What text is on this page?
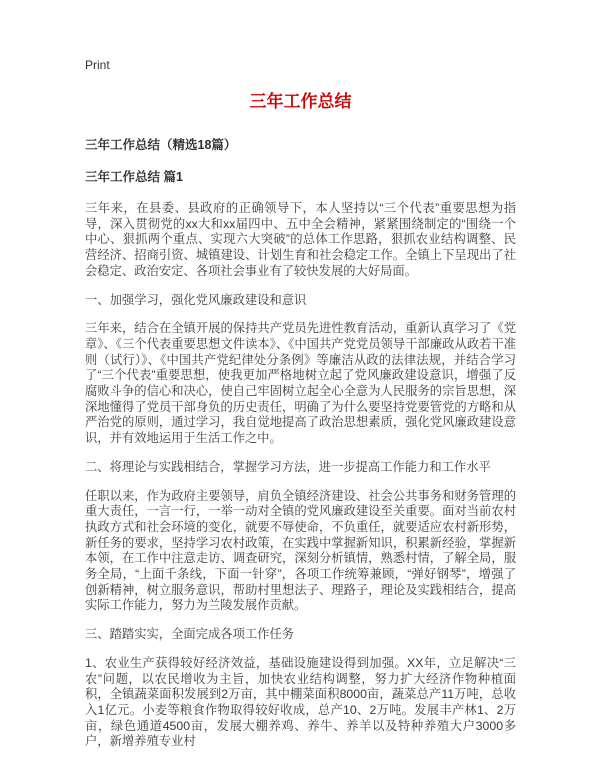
Print
三年工作总结
三年工作总结（精选18篇）
三年工作总结 篇1

三年来，在县委、县政府的正确领导下，本人坚持以“三个代表”重要思想为指导，深入贯彻党的xx大和xx届四中、五中全会精神，紧紧围绕制定的“围绕一个中心、狠抓两个重点、实现六大突破”的总体工作思路，狠抓农业结构调整、民营经济、招商引资、城镇建设、计划生育和社会稳定工作。全镇上下呈现出了社会稳定、政治安定、各项社会事业有了较快发展的大好局面。

一、加强学习，强化党风廉政建设和意识

三年来，结合在全镇开展的保持共产党员先进性教育活动，重新认真学习了《党章》、《三个代表重要思想文件读本》、《中国共产党党员领导干部廉政从政若干准则（试行）》、《中国共产党纪律处分条例》等廉洁从政的法律法规，并结合学习了“三个代表”重要思想，使我更加严格地树立起了党风廉政建设意识，增强了反腐败斗争的信心和决心，使自己牢固树立起全心全意为人民服务的宗旨思想，深深地懂得了党员干部身负的历史责任，明确了为什么要坚持党要管党的方略和从严治党的原则，通过学习，我自觉地提高了政治思想素质，强化党风廉政建设意识，并有效地运用于生活工作之中。

二、将理论与实践相结合，掌握学习方法，进一步提高工作能力和工作水平

任职以来，作为政府主要领导，肩负全镇经济建设、社会公共事务和财务管理的重大责任，一言一行，一举一动对全镇的党风廉政建设至关重要。面对当前农村执政方式和社会环境的变化，就要不辱使命，不负重任，就要适应农村新形势，新任务的要求，坚持学习农村政策，在实践中掌握新知识，积累新经验，掌握新本领，在工作中注意走访、调查研究，深刻分析镇情，熟悉村情，了解全局，服务全局，“上面千条线，下面一针穿”，各项工作统筹兼顾，“弹好钢琴”，增强了创新精神，树立服务意识，帮助村里想法子、理路子，理论及实践相结合，提高实际工作能力，努力为兰陵发展作贡献。

三、踏踏实实，全面完成各项工作任务

1、农业生产获得较好经济效益，基础设施建设得到加强。XX年，立足解决“三农”问题，以农民增收为主旨，加快农业结构调整，努力扩大经济作物种植面积，全镇蔬菜面积发展到2万亩，其中棚菜面积8000亩，蔬菜总产11万吨，总收入1亿元。小麦等粮食作物取得较好收成，总产10、2万吨。发展丰产林1、2万亩，绿色通道4500亩，发展大棚养鸡、养牛、养羊以及特种养殖大户3000多户，新增养殖专业村
